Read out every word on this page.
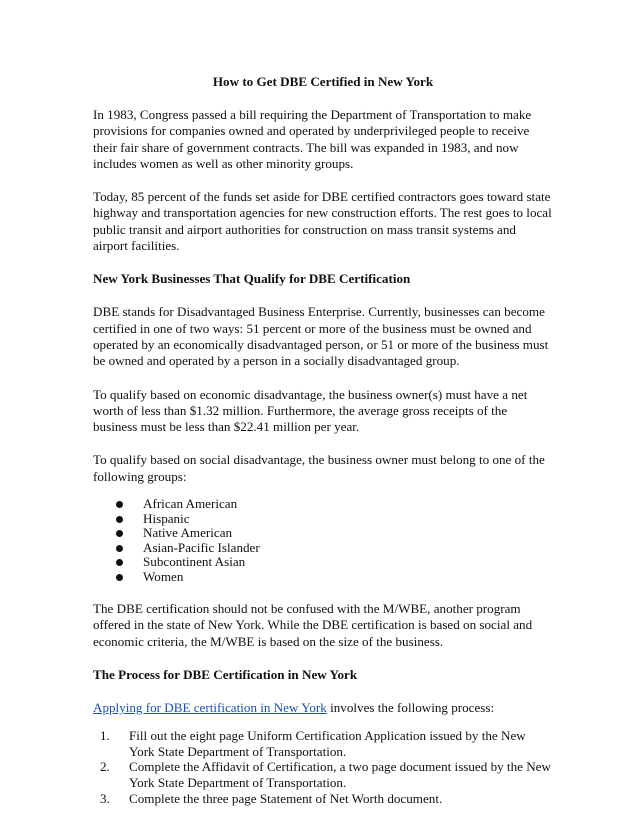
How to Get DBE Certified in New York

In 1983, Congress passed a bill requiring the Department of Transportation to make provisions for companies owned and operated by underprivileged people to receive their fair share of government contracts. The bill was expanded in 1983, and now includes women as well as other minority groups.

Today, 85 percent of the funds set aside for DBE certified contractors goes toward state highway and transportation agencies for new construction efforts. The rest goes to local public transit and airport authorities for construction on mass transit systems and airport facilities.

New York Businesses That Qualify for DBE Certification

DBE stands for Disadvantaged Business Enterprise. Currently, businesses can become certified in one of two ways: 51 percent or more of the business must be owned and operated by an economically disadvantaged person, or 51 or more of the business must be owned and operated by a person in a socially disadvantaged group.

To qualify based on economic disadvantage, the business owner(s) must have a net worth of less than $1.32 million. Furthermore, the average gross receipts of the business must be less than $22.41 million per year.

To qualify based on social disadvantage, the business owner must belong to one of the following groups:

African American
Hispanic
Native American
Asian-Pacific Islander
Subcontinent Asian
Women

The DBE certification should not be confused with the M/WBE, another program offered in the state of New York. While the DBE certification is based on social and economic criteria, the M/WBE is based on the size of the business.

The Process for DBE Certification in New York

Applying for DBE certification in New York involves the following process:

1. Fill out the eight page Uniform Certification Application issued by the New York State Department of Transportation.
2. Complete the Affidavit of Certification, a two page document issued by the New York State Department of Transportation.
3. Complete the three page Statement of Net Worth document.
